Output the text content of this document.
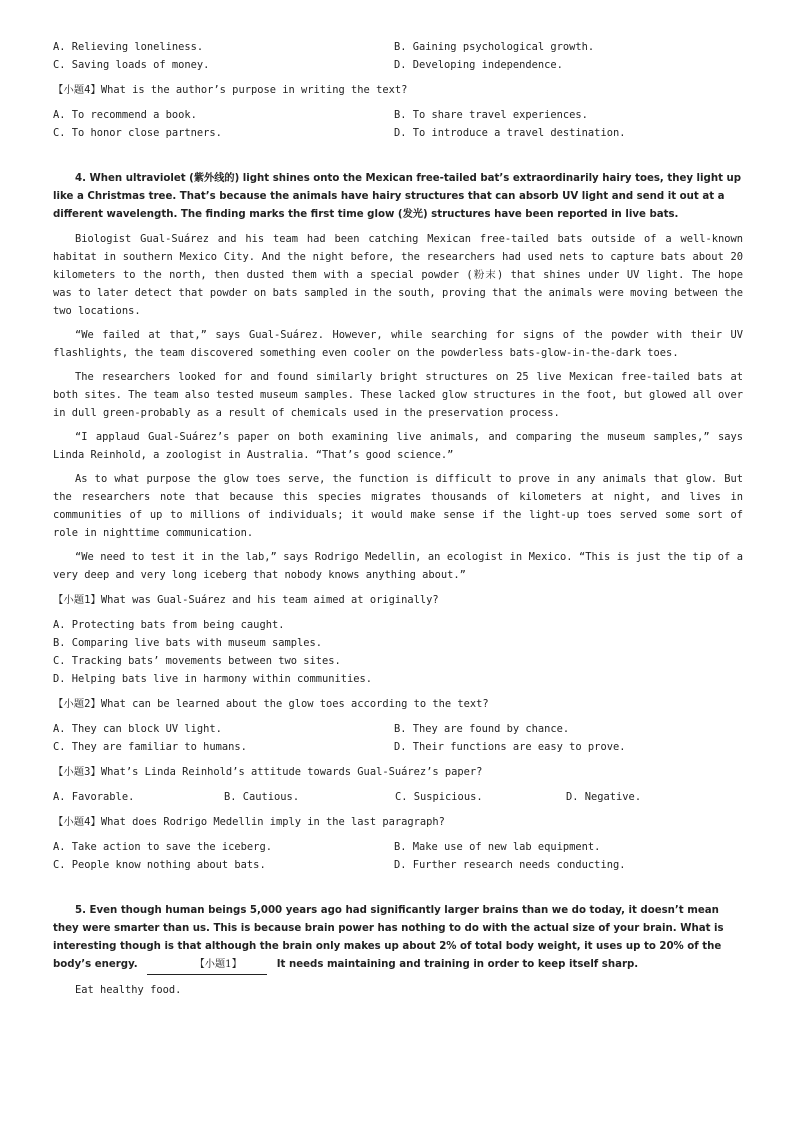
A. Relieving loneliness.	B. Gaining psychological growth.
C. Saving loads of money.	D. Developing independence.
【小题4】What is the author’s purpose in writing the text?
A. To recommend a book.	B. To share travel experiences.
C. To honor close partners.	D. To introduce a travel destination.
4. When ultraviolet (紫外线的) light shines onto the Mexican free-tailed bat’s extraordinarily hairy toes, they light up like a Christmas tree. That’s because the animals have hairy structures that can absorb UV light and send it out at a different wavelength. The finding marks the first time glow (发光) structures have been reported in live bats.
Biologist Gual-Suárez and his team had been catching Mexican free-tailed bats outside of a well-known habitat in southern Mexico City. And the night before, the researchers had used nets to capture bats about 20 kilometers to the north, then dusted them with a special powder (粉末) that shines under UV light. The hope was to later detect that powder on bats sampled in the south, proving that the animals were moving between the two locations.
“We failed at that,” says Gual-Suárez. However, while searching for signs of the powder with their UV flashlights, the team discovered something even cooler on the powderless bats-glow-in-the-dark toes.
The researchers looked for and found similarly bright structures on 25 live Mexican free-tailed bats at both sites. The team also tested museum samples. These lacked glow structures in the foot, but glowed all over in dull green-probably as a result of chemicals used in the preservation process.
“I applaud Gual-Suárez’s paper on both examining live animals, and comparing the museum samples,” says Linda Reinhold, a zoologist in Australia. “That’s good science.”
As to what purpose the glow toes serve, the function is difficult to prove in any animals that glow. But the researchers note that because this species migrates thousands of kilometers at night, and lives in communities of up to millions of individuals; it would make sense if the light-up toes served some sort of role in nighttime communication.
“We need to test it in the lab,” says Rodrigo Medellin, an ecologist in Mexico. “This is just the tip of a very deep and very long iceberg that nobody knows anything about.”
【小题1】What was Gual-Suárez and his team aimed at originally?
A. Protecting bats from being caught.
B. Comparing live bats with museum samples.
C. Tracking bats’ movements between two sites.
D. Helping bats live in harmony within communities.
【小题2】What can be learned about the glow toes according to the text?
A. They can block UV light.	B. They are found by chance.
C. They are familiar to humans.	D. Their functions are easy to prove.
【小题3】What’s Linda Reinhold’s attitude towards Gual-Suárez’s paper?
A. Favorable.	B. Cautious.	C. Suspicious.	D. Negative.
【小题4】What does Rodrigo Medellin imply in the last paragraph?
A. Take action to save the iceberg.	B. Make use of new lab equipment.
C. People know nothing about bats.	D. Further research needs conducting.
5. Even though human beings 5,000 years ago had significantly larger brains than we do today, it doesn’t mean they were smarter than us. This is because brain power has nothing to do with the actual size of your brain. What is interesting though is that although the brain only makes up about 2% of total body weight, it uses up to 20% of the body’s energy.	【小题1】	It needs maintaining and training in order to keep itself sharp.
Eat healthy food.
